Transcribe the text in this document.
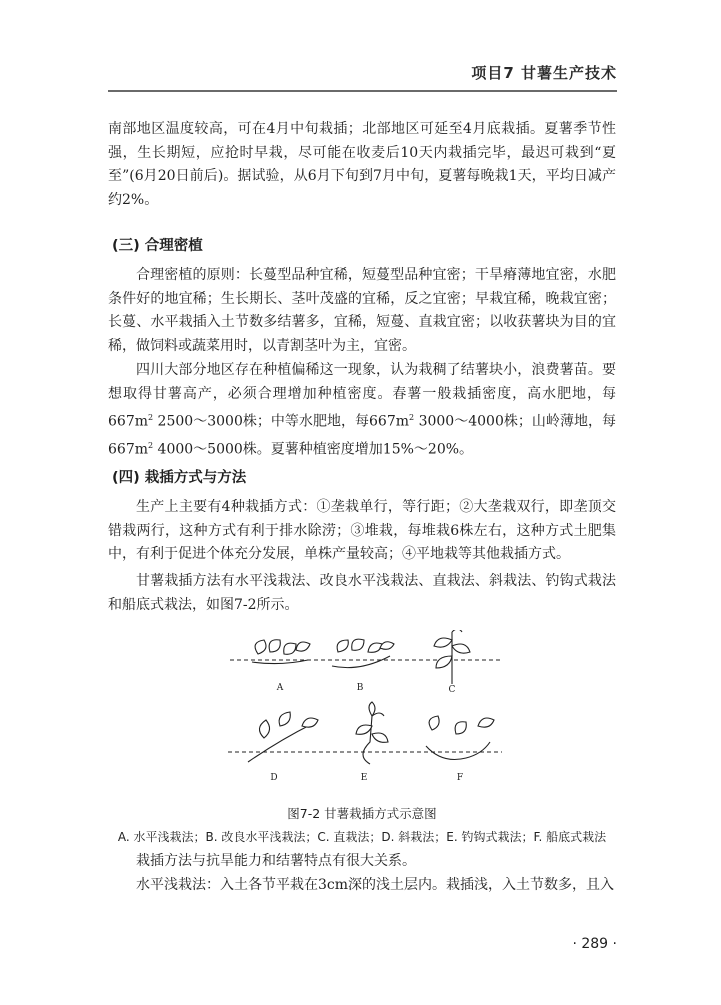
项目7 甘薯生产技术

南部地区温度较高，可在4月中旬栽插；北部地区可延至4月底栽插。夏薯季节性强，生长期短，应抢时早栽，尽可能在收麦后10天内栽插完毕，最迟可栽到“夏至”(6月20日前后)。据试验，从6月下旬到7月中旬，夏薯每晚栽1天，平均日减产约2%。

(三) 合理密植

合理密植的原则：长蔓型品种宜稀，短蔓型品种宜密；干旱瘠薄地宜密，水肥条件好的地宜稀；生长期长、茎叶茂盛的宜稀，反之宜密；早栽宜稀，晚栽宜密；长蔓、水平栽插入土节数多结薯多，宜稀，短蔓、直栽宜密；以收获薯块为目的宜稀，做饲料或蔬菜用时，以青割茎叶为主，宜密。

四川大部分地区存在种植偏稀这一现象，认为栽稠了结薯块小，浪费薯苗。要想取得甘薯高产，必须合理增加种植密度。春薯一般栽插密度，高水肥地，每$667m^2$ 2500～3000株；中等水肥地，每$667m^2$ 3000～4000株；山岭薄地，每$667m^2$ 4000～5000株。夏薯种植密度增加15%～20%。

(四) 栽插方式与方法

生产上主要有4种栽插方式：①垄栽单行，等行距；②大垄栽双行，即垄顶交错栽两行，这种方式有利于排水除涝；③堆栽，每堆栽6株左右，这种方式土肥集中，有利于促进个体充分发展，单株产量较高；④平地栽等其他栽插方式。

甘薯栽插方法有水平浅栽法、改良水平浅栽法、直栽法、斜栽法、钓钩式栽法和船底式栽法，如图7-2所示。

A	B	C
D	E	F

图7-2 甘薯栽插方式示意图

A. 水平浅栽法；B. 改良水平浅栽法；C. 直栽法；D. 斜栽法；E. 钓钩式栽法；F. 船底式栽法

栽插方法与抗旱能力和结薯特点有很大关系。

水平浅栽法：入土各节平栽在3cm深的浅土层内。栽插浅，入土节数多，且入

· 289 ·
